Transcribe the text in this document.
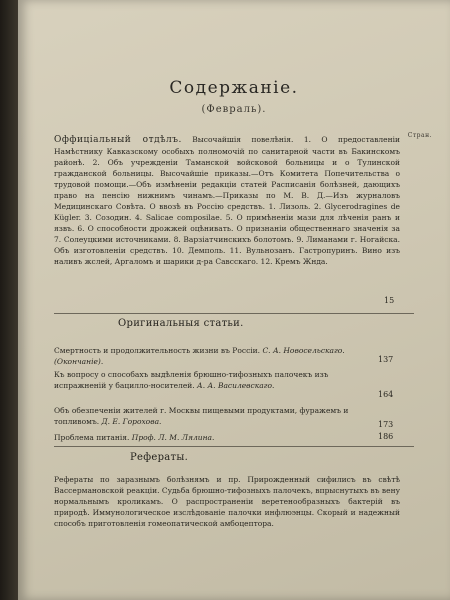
Содержаніе.
(Февраль).
Стран.
Оффиціальный отдѣлъ. Высочайшія повелѣнія. 1. О предоставленіи Намѣстнику Кавказскому особыхъ полномочій по санитарной части въ Бакинскомъ районѣ. 2. Объ учрежденіи Таманской войсковой больницы и о Тулинской гражданской больницы. Высочайшіе приказы.—Отъ Комитета Попечительства о трудовой помощи.—Объ измѣненіи редакціи статей Расписанія болѣзней, дающихъ право на пенсію нижнимъ чинамъ.—Приказы по М. В. Д.—Изъ журналовъ Медицинскаго Совѣта. О ввозѣ въ Россію средствъ. 1. Лизоль. 2. Glycerodragines de Kügler. 3. Созодин. 4. Salicae composilae. 5. О примѣненіи мази для лѣченія ранъ и язвъ. 6. О способности дрожжей оцѣнивать. О признаніи общественнаго значенія за 7. Солеуцкими источниками. 8. Варзіатчинскихъ болотомъ. 9. Лиманами г. Ногайска. Объ изготовленіи средствъ. 10. Демполь. 11. Вульнозанъ. Гастропуринъ. Вино изъ наливъ жслей, Аргаломъ и шарики д-ра Савсскаго. 12. Кремъ Жнда.
15
Оригинальныя статьи.
Смертность и продолжительность жизни въ Россіи. С. А. Новосельскаго. (Окончаніе).	137
Къ вопросу о способахъ выдѣленія брюшно-тифозныхъ палочекъ изъ испражненій у бацилло-носителей. А. А. Василевскаго.
164
Объ обезпеченіи жителей г. Москвы пищевыми продуктами, фуражемъ и топливомъ. Д. Е. Горохова.	173
Проблема питанія. Проф. Л. М. Лялина.	186
Рефераты.
Рефераты по заразнымъ болѣзнямъ и пр. Прирожденный сифилисъ въ свѣтѣ Вассермановской реакціи. Судьба брюшно-тифозныхъ палочекъ, впрыснутыхъ въ вену нормальнымъ кроликамъ. О распространеніи веретенообразныхъ бактерій въ природѣ. Иммунологическое изслѣдованіе палочки инфлюэнцы. Скорый и надежный способъ приготовленія гомеопатической амбоцептора.
